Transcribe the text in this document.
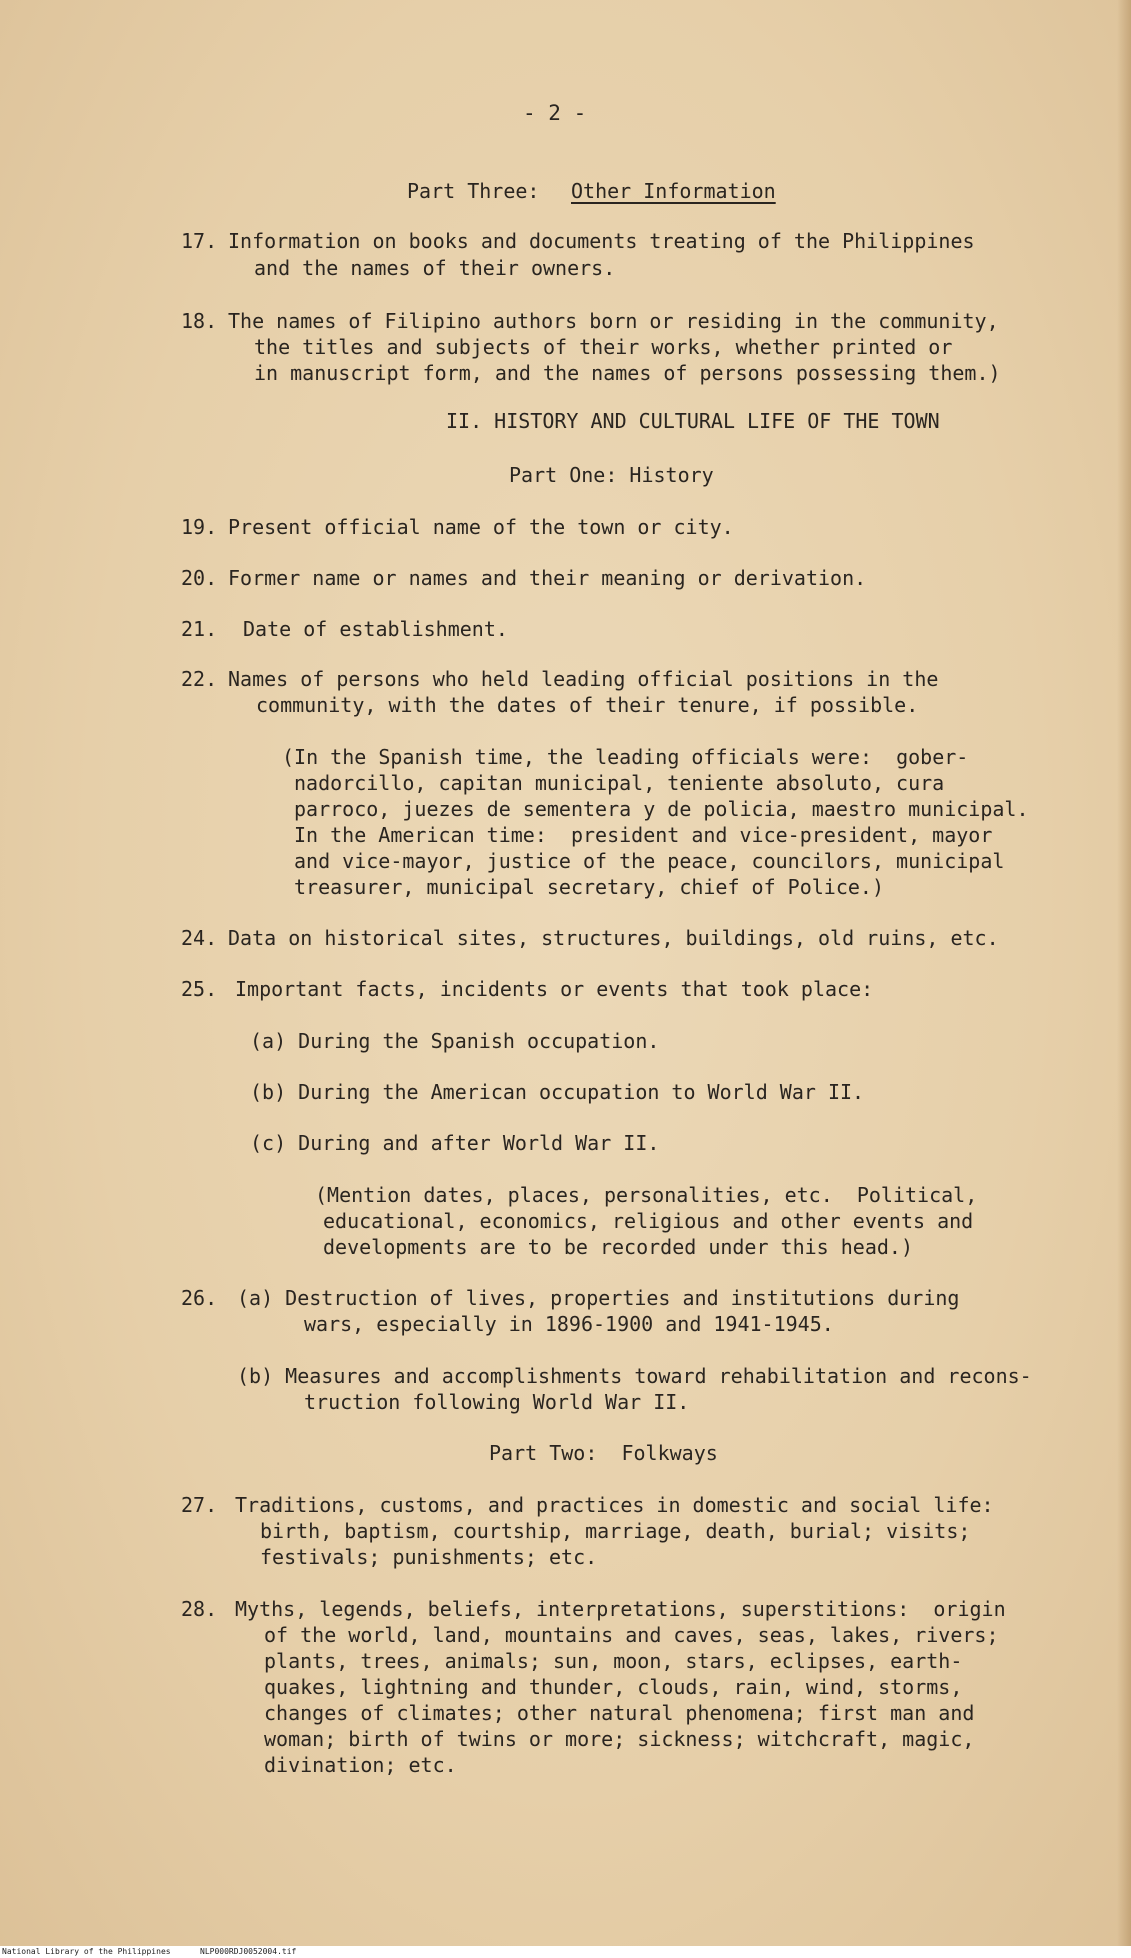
- 2 -
Part Three: Other Information
17. Information on books and documents treating of the Philippines
and the names of their owners.
18. The names of Filipino authors born or residing in the community,
the titles and subjects of their works, whether printed or
in manuscript form, and the names of persons possessing them.)
II. HISTORY AND CULTURAL LIFE OF THE TOWN
Part One: History
19. Present official name of the town or city.
20. Former name or names and their meaning or derivation.
21. Date of establishment.
22. Names of persons who held leading official positions in the
community, with the dates of their tenure, if possible.
(In the Spanish time, the leading officials were:  gober-
nadorcillo, capitan municipal, teniente absoluto, cura
parroco, juezes de sementera y de policia, maestro municipal.
In the American time:  president and vice-president, mayor
and vice-mayor, justice of the peace, councilors, municipal
treasurer, municipal secretary, chief of Police.)
24. Data on historical sites, structures, buildings, old ruins, etc.
25. Important facts, incidents or events that took place:
(a) During the Spanish occupation.
(b) During the American occupation to World War II.
(c) During and after World War II.
(Mention dates, places, personalities, etc.  Political,
educational, economics, religious and other events and
developments are to be recorded under this head.)
26. (a) Destruction of lives, properties and institutions during
wars, especially in 1896-1900 and 1941-1945.
(b) Measures and accomplishments toward rehabilitation and recons-
truction following World War II.
Part Two:  Folkways
27. Traditions, customs, and practices in domestic and social life:
birth, baptism, courtship, marriage, death, burial; visits;
festivals; punishments; etc.
28. Myths, legends, beliefs, interpretations, superstitions:  origin
of the world, land, mountains and caves, seas, lakes, rivers;
plants, trees, animals; sun, moon, stars, eclipses, earth-
quakes, lightning and thunder, clouds, rain, wind, storms,
changes of climates; other natural phenomena; first man and
woman; birth of twins or more; sickness; witchcraft, magic,
divination; etc.
National Library of the Philippines	NLP000RDJ0052004.tif
